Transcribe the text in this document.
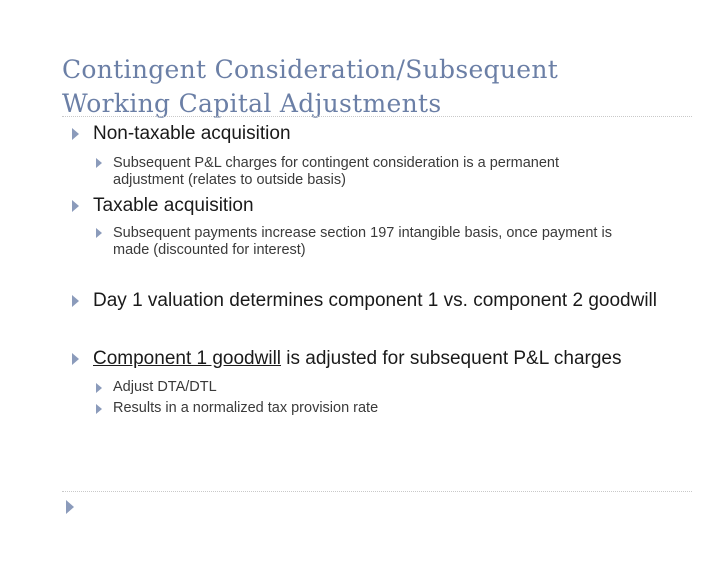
Contingent Consideration/Subsequent
Working Capital Adjustments

Non-taxable acquisition

Subsequent P&L charges for contingent consideration is a permanent

adjustment (relates to outside basis)

Taxable acquisition

Subsequent payments increase section 197 intangible basis, once payment is

made (discounted for interest)

Day 1 valuation determines component 1 vs. component 2 goodwill

Component 1 goodwill is adjusted for subsequent P&L charges

Adjust DTA/DTL

Results in a normalized tax provision rate
